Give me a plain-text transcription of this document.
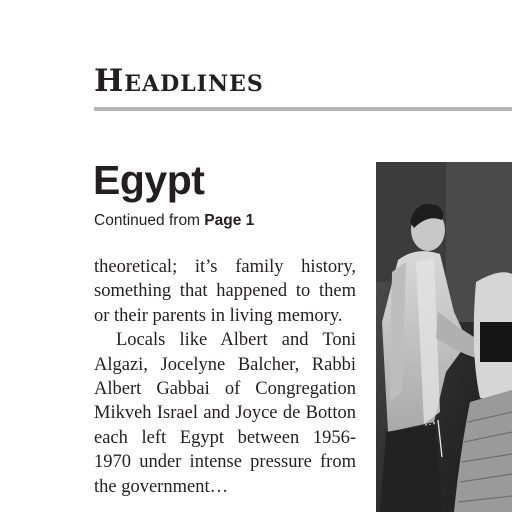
Headlines
Egypt
Continued from Page 1

theoretical; it’s family history, something that happened to them or their parents in living memory.

Locals like Albert and Toni Algazi, Jocelyne Balcher, Rabbi Albert Gabbai of Congregation Mikveh Israel and Joyce de Botton each left Egypt between 1956-1970 under intense pressure from the government…
